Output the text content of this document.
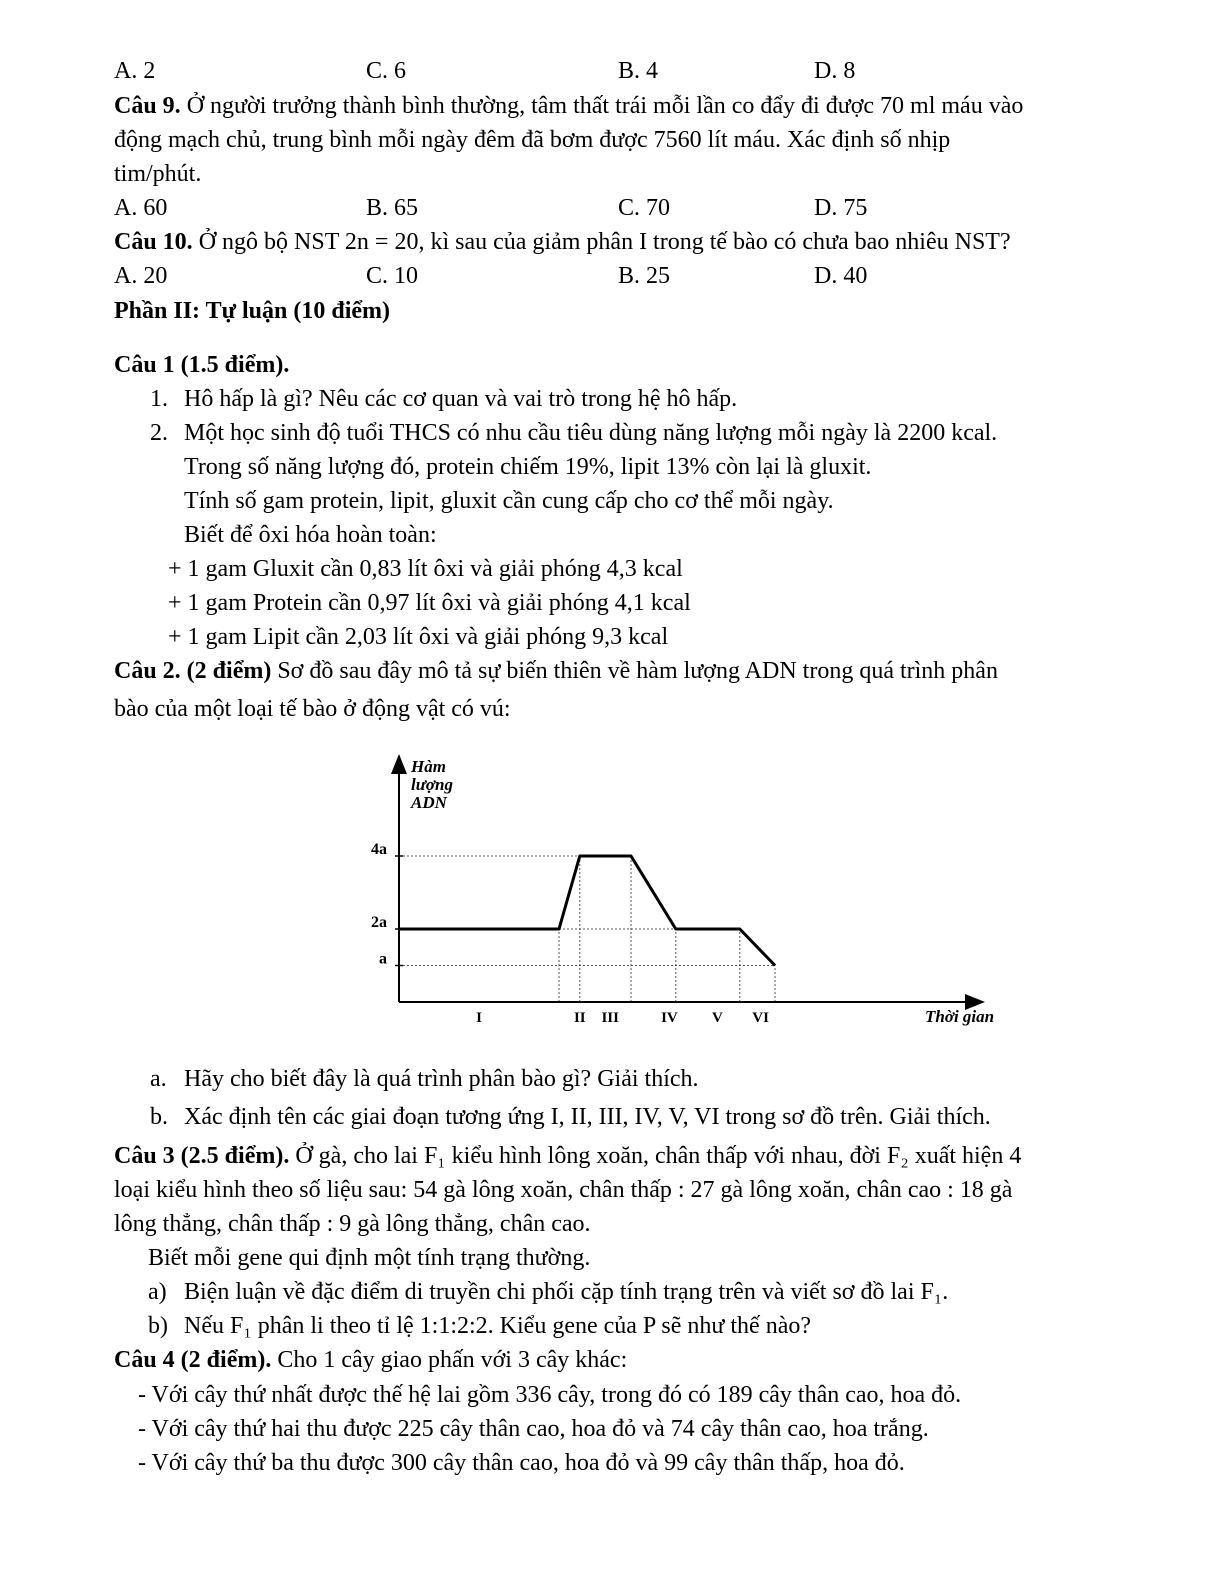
A. 2	C. 6	B. 4	D. 8
Câu 9. Ở người trưởng thành bình thường, tâm thất trái mỗi lần co đẩy đi được 70 ml máu vào
động mạch chủ, trung bình mỗi ngày đêm đã bơm được 7560 lít máu. Xác định số nhịp
tim/phút.
A. 60	B. 65	C. 70	D. 75
Câu 10. Ở ngô bộ NST 2n = 20, kì sau của giảm phân I trong tế bào có chưa bao nhiêu NST?
A. 20	C. 10	B. 25	D. 40
Phần II: Tự luận (10 điểm)
Câu 1 (1.5 điểm).
1. Hô hấp là gì? Nêu các cơ quan và vai trò trong hệ hô hấp.
2. Một học sinh độ tuổi THCS có nhu cầu tiêu dùng năng lượng mỗi ngày là 2200 kcal.
Trong số năng lượng đó, protein chiếm 19%, lipit 13% còn lại là gluxit.
Tính số gam protein, lipit, gluxit cần cung cấp cho cơ thể mỗi ngày.
Biết để ôxi hóa hoàn toàn:
+ 1 gam Gluxit cần 0,83 lít ôxi và giải phóng 4,3 kcal
+ 1 gam Protein cần 0,97 lít ôxi và giải phóng 4,1 kcal
+ 1 gam Lipit cần 2,03 lít ôxi và giải phóng 9,3 kcal
Câu 2. (2 điểm) Sơ đồ sau đây mô tả sự biến thiên về hàm lượng ADN trong quá trình phân
bào của một loại tế bào ở động vật có vú:
Hàm
lượng
ADN
a
2a
4a
I	II III	IV V VI	Thời gian
a. Hãy cho biết đây là quá trình phân bào gì? Giải thích.
b. Xác định tên các giai đoạn tương ứng I, II, III, IV, V, VI trong sơ đồ trên. Giải thích.
Câu 3 (2.5 điểm). Ở gà, cho lai F₁ kiểu hình lông xoăn, chân thấp với nhau, đời F₂ xuất hiện 4
loại kiểu hình theo số liệu sau: 54 gà lông xoăn, chân thấp : 27 gà lông xoăn, chân cao : 18 gà
lông thẳng, chân thấp : 9 gà lông thẳng, chân cao.
Biết mỗi gene qui định một tính trạng thường.
a) Biện luận về đặc điểm di truyền chi phối cặp tính trạng trên và viết sơ đồ lai F₁.
b) Nếu F₁ phân li theo tỉ lệ 1:1:2:2. Kiểu gene của P sẽ như thế nào?
Câu 4 (2 điểm). Cho 1 cây giao phấn với 3 cây khác:
- Với cây thứ nhất được thế hệ lai gồm 336 cây, trong đó có 189 cây thân cao, hoa đỏ.
- Với cây thứ hai thu được 225 cây thân cao, hoa đỏ và 74 cây thân cao, hoa trắng.
- Với cây thứ ba thu được 300 cây thân cao, hoa đỏ và 99 cây thân thấp, hoa đỏ.
